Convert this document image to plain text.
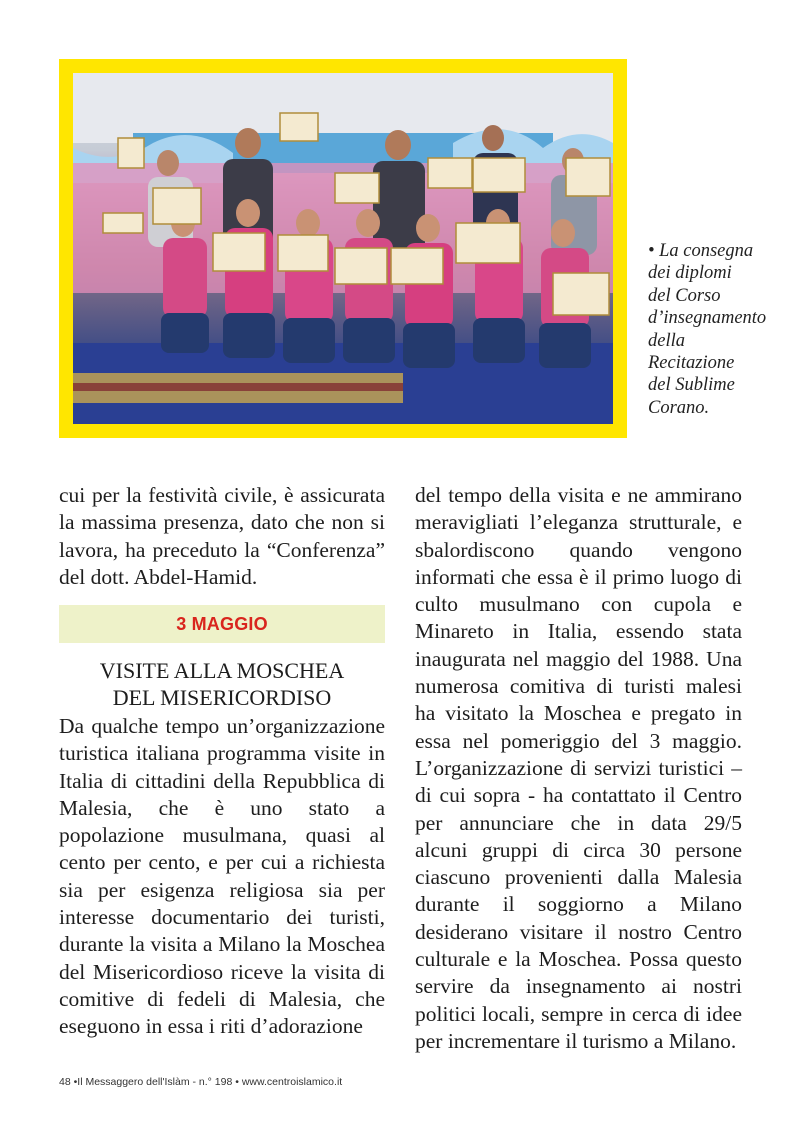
• La consegna dei diplomi del Corso d’insegnamento della Recitazione del Sublime Corano.

cui per la festività civile, è assicurata la massima presenza, dato che non si lavora, ha preceduto la “Conferenza” del dott. Abdel-Hamid.

3 MAGGIO
VISITE ALLA MOSCHEA
DEL MISERICORDISO

Da qualche tempo un’organizzazione turistica italiana programma visite in Italia di cittadini della Repubblica di Malesia, che è uno stato a popolazione musulmana, quasi al cento per cento, e per cui a richiesta sia per esigenza religiosa sia per interesse documentario dei turisti, durante la visita a Milano la Moschea del Misericordioso riceve la visita di comitive di fedeli di Malesia, che eseguono in essa i riti d’adorazione

del tempo della visita e ne ammirano meravigliati l’eleganza strutturale, e sbalordiscono quando vengono informati che essa è il primo luogo di culto musulmano con cupola e Minareto in Italia, essendo stata inaugurata nel maggio del 1988. Una numerosa comitiva di turisti malesi ha visitato la Moschea e pregato in essa nel pomeriggio del 3 maggio. L’organizzazione di servizi turistici – di cui sopra - ha contattato il Centro per annunciare che in data 29/5 alcuni gruppi di circa 30 persone ciascuno provenienti dalla Malesia durante il soggiorno a Milano desiderano visitare il nostro Centro culturale e la Moschea. Possa questo servire da insegnamento ai nostri politici locali, sempre in cerca di idee per incrementare il turismo a Milano.

48 •Il Messaggero dell'Islàm - n.° 198 • www.centroislamico.it
